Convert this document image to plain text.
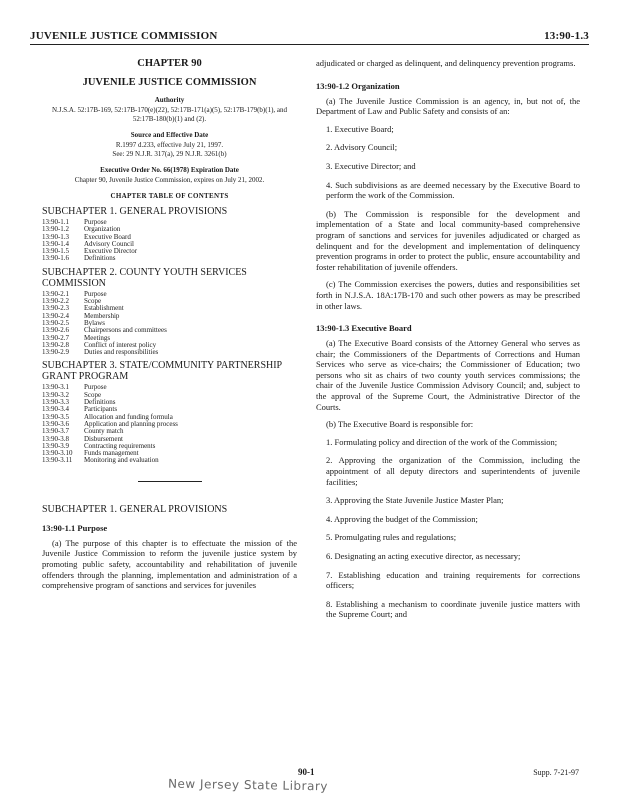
JUVENILE JUSTICE COMMISSION	13:90-1.3
CHAPTER 90
JUVENILE JUSTICE COMMISSION
Authority
N.J.S.A. 52:17B-169, 52:17B-170(e)(22), 52:17B-171(a)(5), 52:17B-179(b)(1), and 52:17B-180(b)(1) and (2).
Source and Effective Date
R.1997 d.233, effective July 21, 1997.
See: 29 N.J.R. 317(a), 29 N.J.R. 3261(b)
Executive Order No. 66(1978) Expiration Date
Chapter 90, Juvenile Justice Commission, expires on July 21, 2002.
CHAPTER TABLE OF CONTENTS
SUBCHAPTER 1. GENERAL PROVISIONS
13:90-1.1 Purpose
13:90-1.2 Organization
13:90-1.3 Executive Board
13:90-1.4 Advisory Council
13:90-1.5 Executive Director
13:90-1.6 Definitions
SUBCHAPTER 2. COUNTY YOUTH SERVICES COMMISSION
13:90-2.1 Purpose
13:90-2.2 Scope
13:90-2.3 Establishment
13:90-2.4 Membership
13:90-2.5 Bylaws
13:90-2.6 Chairpersons and committees
13:90-2.7 Meetings
13:90-2.8 Conflict of interest policy
13:90-2.9 Duties and responsibilities
SUBCHAPTER 3. STATE/COMMUNITY PARTNERSHIP GRANT PROGRAM
13:90-3.1 Purpose
13:90-3.2 Scope
13:90-3.3 Definitions
13:90-3.4 Participants
13:90-3.5 Allocation and funding formula
13:90-3.6 Application and planning process
13:90-3.7 County match
13:90-3.8 Disbursement
13:90-3.9 Contracting requirements
13:90-3.10 Funds management
13:90-3.11 Monitoring and evaluation
SUBCHAPTER 1. GENERAL PROVISIONS
13:90-1.1 Purpose
(a) The purpose of this chapter is to effectuate the mission of the Juvenile Justice Commission to reform the juvenile justice system by promoting public safety, accountability and rehabilitation of juvenile offenders through the planning, implementation and administration of a comprehensive program of sanctions and services for juveniles
adjudicated or charged as delinquent, and delinquency prevention programs.
13:90-1.2 Organization
(a) The Juvenile Justice Commission is an agency, in, but not of, the Department of Law and Public Safety and consists of an:
1. Executive Board;
2. Advisory Council;
3. Executive Director; and
4. Such subdivisions as are deemed necessary by the Executive Board to perform the work of the Commission.
(b) The Commission is responsible for the development and implementation of a State and local community-based comprehensive program of sanctions and services for juveniles adjudicated or charged as delinquent and for the development and implementation of delinquency prevention programs in order to protect the public, ensure accountability and foster rehabilitation of juvenile offenders.
(c) The Commission exercises the powers, duties and responsibilities set forth in N.J.S.A. 18A:17B-170 and such other powers as may be prescribed in other laws.
13:90-1.3 Executive Board
(a) The Executive Board consists of the Attorney General who serves as chair; the Commissioners of the Departments of Corrections and Human Services who serve as vice-chairs; the Commissioner of Education; two persons who sit as chairs of two county youth services commissions; the chair of the Juvenile Justice Commission Advisory Council; and, subject to the approval of the Supreme Court, the Administrative Director of the Courts.
(b) The Executive Board is responsible for:
1. Formulating policy and direction of the work of the Commission;
2. Approving the organization of the Commission, including the appointment of all deputy directors and superintendents of juvenile facilities;
3. Approving the State Juvenile Justice Master Plan;
4. Approving the budget of the Commission;
5. Promulgating rules and regulations;
6. Designating an acting executive director, as necessary;
7. Establishing education and training requirements for corrections officers;
8. Establishing a mechanism to coordinate juvenile justice matters with the Supreme Court; and
90-1	Supp. 7-21-97
New Jersey State Library
